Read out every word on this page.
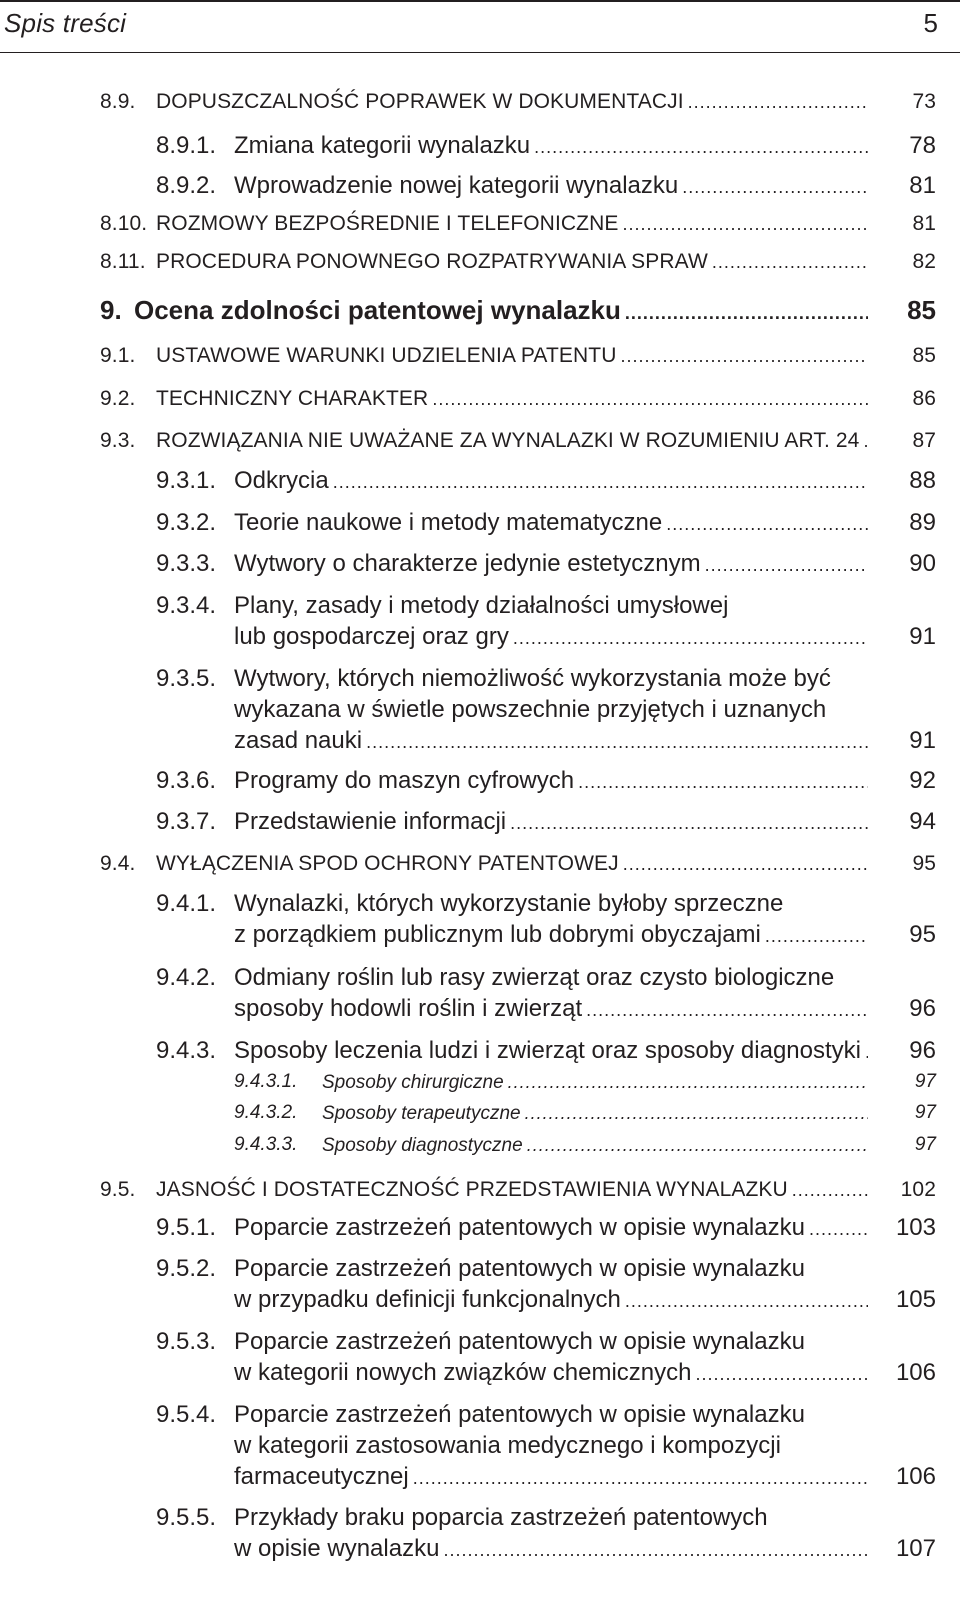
Spis treści	5
8.9. DOPUSZCZALNOŚĆ POPRAWEK W DOKUMENTACJI .....	73
8.9.1. Zmiana kategorii wynalazku .....	78
8.9.2. Wprowadzenie nowej kategorii wynalazku .....	81
8.10. ROZMOWY BEZPOŚREDNIE I TELEFONICZNE .....	81
8.11. PROCEDURA PONOWNEGO ROZPATRYWANIA SPRAW .....	82
9. Ocena zdolności patentowej wynalazku .....	85
9.1. USTAWOWE WARUNKI UDZIELENIA PATENTU .....	85
9.2. TECHNICZNY CHARAKTER .....	86
9.3. ROZWIĄZANIA NIE UWAŻANE ZA WYNALAZKI W ROZUMIENIU ART. 24 .....	87
9.3.1. Odkrycia .....	88
9.3.2. Teorie naukowe i metody matematyczne .....	89
9.3.3. Wytwory o charakterze jedynie estetycznym .....	90
9.3.4. Plany, zasady i metody działalności umysłowej
lub gospodarczej oraz gry .....	91
9.3.5. Wytwory, których niemożliwość wykorzystania może być
wykazana w świetle powszechnie przyjętych i uznanych
zasad nauki .....	91
9.3.6. Programy do maszyn cyfrowych .....	92
9.3.7. Przedstawienie informacji .....	94
9.4. WYŁĄCZENIA SPOD OCHRONY PATENTOWEJ .....	95
9.4.1. Wynalazki, których wykorzystanie byłoby sprzeczne
z porządkiem publicznym lub dobrymi obyczajami .....	95
9.4.2. Odmiany roślin lub rasy zwierząt oraz czysto biologiczne
sposoby hodowli roślin i zwierząt .....	96
9.4.3. Sposoby leczenia ludzi i zwierząt oraz sposoby diagnostyki ..... 96
9.4.3.1. Sposoby chirurgiczne .....	97
9.4.3.2. Sposoby terapeutyczne .....	97
9.4.3.3. Sposoby diagnostyczne .....	97
9.5. JASNOŚĆ I DOSTATECZNOŚĆ PRZEDSTAWIENIA WYNALAZKU .....	102
9.5.1. Poparcie zastrzeżeń patentowych w opisie wynalazku .....	103
9.5.2. Poparcie zastrzeżeń patentowych w opisie wynalazku
w przypadku definicji funkcjonalnych .....	105
9.5.3. Poparcie zastrzeżeń patentowych w opisie wynalazku
w kategorii nowych związków chemicznych .....	106
9.5.4. Poparcie zastrzeżeń patentowych w opisie wynalazku
w kategorii zastosowania medycznego i kompozycji
farmaceutycznej .....	106
9.5.5. Przykłady braku poparcia zastrzeżeń patentowych
w opisie wynalazku .....	107
